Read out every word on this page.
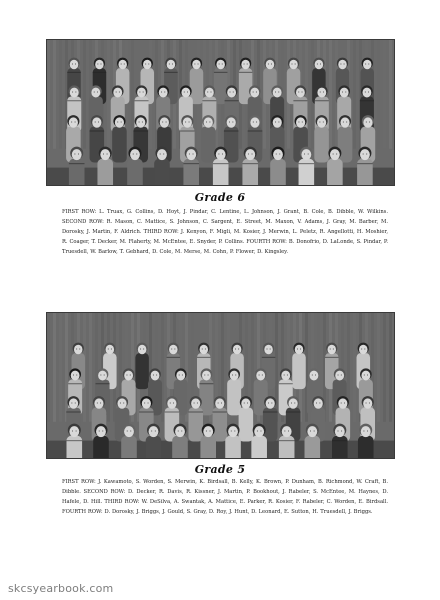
Grade 6

FIRST ROW: L. Truax, G. Collins, D. Hoyt, J. Pindar, C. Lentine, L. Johnson, J. Grant, B. Cole, B. Dibble, W. Wilkins. SECOND ROW: R. Mason, C. Mattice, S. Johnson, C. Sargent, E. Street, M. Maxon, V. Adams, J. Gray, M. Barber, M. Dorosky, J. Martin, F. Aldrich. THIRD ROW: J. Kenyon, F. Migli, M. Kosier, J. Merwin, L. Peletz, R. Angellotti, H. Moshier, R. Coager, T. Decker, M. Flaherty, M. McEntee, E. Snyder, P. Collins. FOURTH ROW: B. Donofrio, D. LaLonde, S. Pindar, P. Truesdell, W. Barlow, T. Gebhard, D. Cole, M. Merse, M. Cohn, P. Flower, D. Kingsley.

Grade 5

FIRST ROW: J. Kawamoto, S. Worden, S. Merwin, K. Birdsall, B. Kelly, K. Brown, P. Dunham, B. Richmond, W. Craft, B. Dibble. SECOND ROW: D. Decker, R. Davis, R. Kissner, J. Martin, P. Bookhout, J. Rabeler, S. McEntee, M. Haynes, D. Hafele, D. Hill. THIRD ROW: W. DeSilva, A. Swantak, A. Mattice, E. Parker, R. Kosier, F. Rabeler, C. Worden, E. Birdsall. FOURTH ROW: D. Dorosky, J. Briggs, J. Gould, S. Gray, D. Roy, J. Hunt, D. Leonard, E. Sutton, H. Truesdell, J. Briggs.

skcsyearbook.com
